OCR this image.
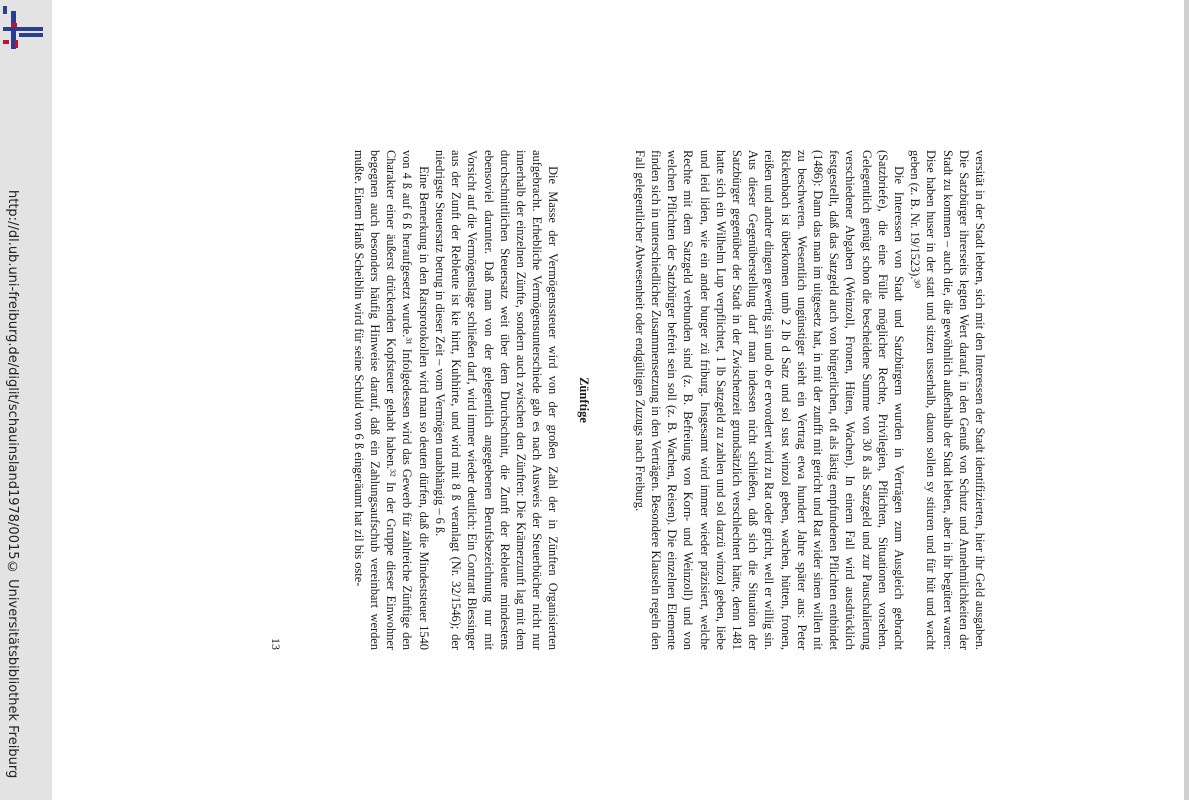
http://dl.ub.uni-freiburg.de/diglit/schauinsland1978/0015
© Universitätsbibliothek Freiburg

versität in der Stadt lebten, sich mit den Interessen der Stadt identifizierten, hier ihr Geld ausgaben. Die Satzbürger ihrerseits legten Wert darauf, in den Genuß von Schutz und Annehmlichkeiten der Stadt zu kommen – auch die, die gewöhnlich außerhalb der Stadt lebten, aber in ihr begütert waren: Dise haben huser in der statt und sitzen usserhalb, dauon sollen sy stiuren und für hüt und wacht geben (z. B. Nr. 19/1523).³⁰

Die Interessen von Stadt und Satzbürgern wurden in Verträgen zum Ausgleich gebracht (Satzbriefe), die eine Fülle möglicher Rechte, Privilegien, Pflichten, Situationen vorsehen. Gelegentlich genügt schon die bescheidene Summe von 30 ß als Satzgeld und zur Pauschalierung verschiedener Abgaben (Weinzoll, Fronen, Hüten, Wachen). In einem Fall wird ausdrücklich festgestellt, daß das Satzgeld auch von bürgerlichen, oft als lästig empfundenen Pflichten entbindet (1486): Dann das man im uitgesetz hat, in mit der zunfft mit gericht und Rat wider sinen willen nit zu beschweren. Wesentlich ungünstiger sieht ein Vertrag etwa hundert Jahre später aus: Peter Rickenbach ist überkomen umb 2 lb d Satz und sol sust winzol geben, wachen, hütten, fronen, reißen und andrer dingen gewertig sin und ob er ervordert wird zu Rat oder gricht, well er willig sin. Aus dieser Gegenüberstellung darf man indessen nicht schließen, daß sich die Situation der Satzbürger gegenüber der Stadt in der Zwischenzeit grundsätzlich verschlechtert hätte, denn 1481 hatte sich ein Wilhelm Lup verpflichtet, 1 lb Satzgeld zu zahlen und sol darzü winzol geben, liebe und leid liden, wie ein ander burger zü friburg. Insgesamt wird immer wieder präzisiert, welche Rechte mit dem Satzgeld verbunden sind (z. B. Befreiung von Korn- und Weinzoll) und von welchen Pflichten der Satzbürger befreit sein soll (z. B. Wachen, Reisen). Die einzelnen Elemente finden sich in unterschiedlicher Zusammensetzung in den Verträgen. Besondere Klauseln regeln den Fall gelegentlicher Abwesenheit oder endgültigen Zuzugs nach Freiburg.

Zünftige

Die Masse der Vermögenssteuer wird von der großen Zahl der in Zünften Organisierten aufgebracht. Erhebliche Vermögensunterschiede gab es nach Ausweis der Steuerbücher nicht nur innerhalb der einzelnen Zünfte, sondern auch zwischen den Zünften: Die Krämerzunft lag mit dem durchschnittlichen Steuersatz weit über dem Durchschnitt, die Zunft der Rebleute mindestens ebensoviel darunter. Daß man von der gelegentlich angegebenen Berufsbezeichnung nur mit Vorsicht auf die Vermögenslage schließen darf, wird immer wieder deutlich: Ein Contratt Blessinger aus der Zunft der Rebleute ist kie hirtt, Kuhhirte, und wird mit 8 ß veranlagt (Nr. 32/1546); der niedrigste Steuersatz betrug in dieser Zeit – vom Vermögen unabhängig – 6 ß.

Eine Bemerkung in den Ratsprotokollen wird man so deuten dürfen, daß die Mindeststeuer 1540 von 4 ß auf 6 ß heraufgesetzt wurde.³¹ Infolgedessen wird das Gewerb für zahlreiche Zünftige den Charakter einer äußerst drückenden Kopfsteuer gehabt haben.³² In der Gruppe dieser Einwohner begegnen auch besonders häufig Hinweise darauf, daß ein Zahlungsaufschub vereinbart werden mußte. Einem Hanß Scheiblin wird für seine Schuld von 6 ß eingeräumt hat zil bis oste-

13
